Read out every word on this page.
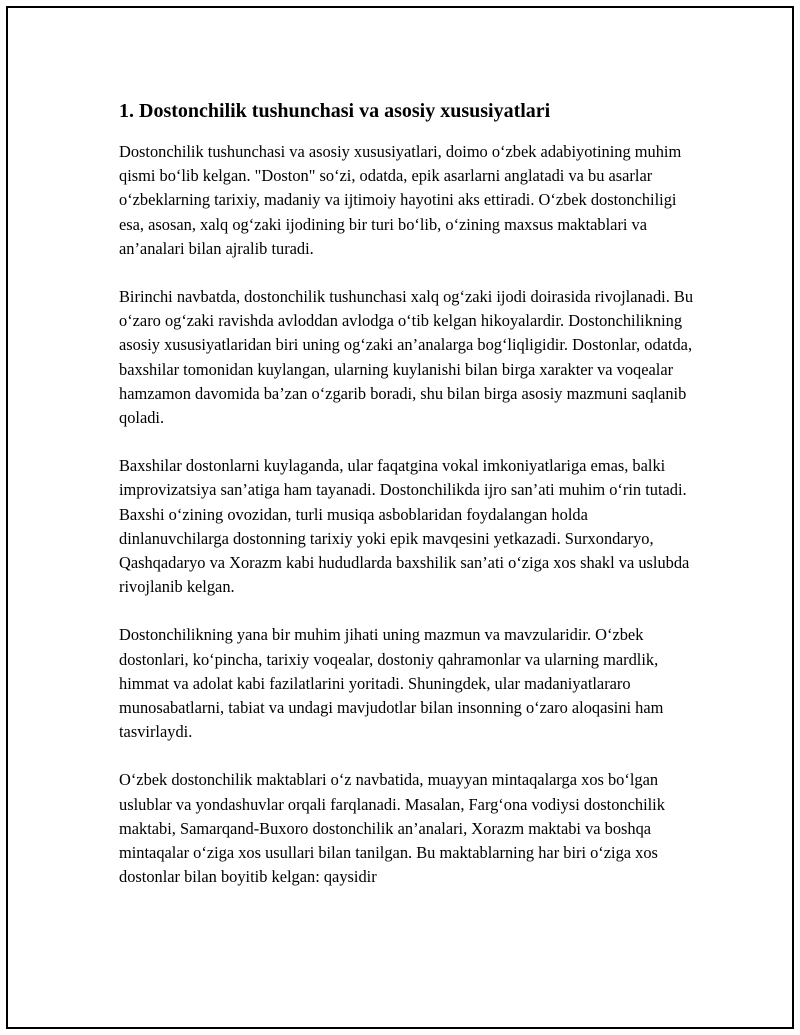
1. Dostonchilik tushunchasi va asosiy xususiyatlari

Dostonchilik tushunchasi va asosiy xususiyatlari, doimo o‘zbek adabiyotining muhim qismi bo‘lib kelgan. "Doston" so‘zi, odatda, epik asarlarni anglatadi va bu asarlar o‘zbeklarning tarixiy, madaniy va ijtimoiy hayotini aks ettiradi. O‘zbek dostonchiligi esa, asosan, xalq og‘zaki ijodining bir turi bo‘lib, o‘zining maxsus maktablari va an’analari bilan ajralib turadi.

Birinchi navbatda, dostonchilik tushunchasi xalq og‘zaki ijodi doirasida rivojlanadi. Bu o‘zaro og‘zaki ravishda avloddan avlodga o‘tib kelgan hikoyalardir. Dostonchilikning asosiy xususiyatlaridan biri uning og‘zaki an’analarga bog‘liqligidir. Dostonlar, odatda, baxshilar tomonidan kuylangan, ularning kuylanishi bilan birga xarakter va voqealar hamzamon davomida ba’zan o‘zgarib boradi, shu bilan birga asosiy mazmuni saqlanib qoladi.

Baxshilar dostonlarni kuylaganda, ular faqatgina vokal imkoniyatlariga emas, balki improvizatsiya san’atiga ham tayanadi. Dostonchilikda ijro san’ati muhim o‘rin tutadi. Baxshi o‘zining ovozidan, turli musiqa asboblaridan foydalangan holda dinlanuvchilarga dostonning tarixiy yoki epik mavqesini yetkazadi. Surxondaryo, Qashqadaryo va Xorazm kabi hududlarda baxshilik san’ati o‘ziga xos shakl va uslubda rivojlanib kelgan.

Dostonchilikning yana bir muhim jihati uning mazmun va mavzularidir. O‘zbek dostonlari, ko‘pincha, tarixiy voqealar, dostoniy qahramonlar va ularning mardlik, himmat va adolat kabi fazilatlarini yoritadi. Shuningdek, ular madaniyatlararo munosabatlarni, tabiat va undagi mavjudotlar bilan insonning o‘zaro aloqasini ham tasvirlaydi.

O‘zbek dostonchilik maktablari o‘z navbatida, muayyan mintaqalarga xos bo‘lgan uslublar va yondashuvlar orqali farqlanadi. Masalan, Farg‘ona vodiysi dostonchilik maktabi, Samarqand-Buxoro dostonchilik an’analari, Xorazm maktabi va boshqa mintaqalar o‘ziga xos usullari bilan tanilgan. Bu maktablarning har biri o‘ziga xos dostonlar bilan boyitib kelgan: qaysidir
